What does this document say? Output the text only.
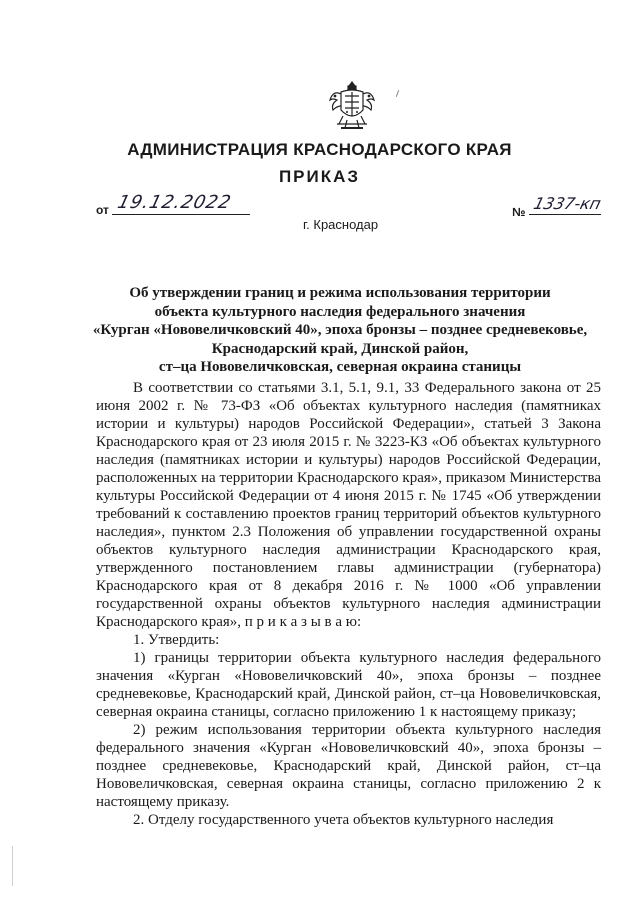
АДМИНИСТРАЦИЯ КРАСНОДАРСКОГО КРАЯ
ПРИКАЗ
от 19.12.2022
г. Краснодар
№ 1337-кп
Об утверждении границ и режима использования территории
объекта культурного наследия федерального значения
«Курган «Нововеличковский 40», эпоха бронзы – позднее средневековье,
Краснодарский край, Динской район,
ст–ца Нововеличковская, северная окраина станицы

В соответствии со статьями 3.1, 5.1, 9.1, 33 Федерального закона от 25 июня 2002 г. № 73-ФЗ «Об объектах культурного наследия (памятниках истории и культуры) народов Российской Федерации», статьей 3 Закона Краснодарского края от 23 июля 2015 г. № 3223-КЗ «Об объектах культурного наследия (памятниках истории и культуры) народов Российской Федерации, расположенных на территории Краснодарского края», приказом Министерства культуры Российской Федерации от 4 июня 2015 г. № 1745 «Об утверждении требований к составлению проектов границ территорий объектов культурного наследия», пунктом 2.3 Положения об управлении государственной охраны объектов культурного наследия администрации Краснодарского края, утвержденного постановлением главы администрации (губернатора) Краснодарского края от 8 декабря 2016 г. № 1000 «Об управлении государственной охраны объектов культурного наследия администрации Краснодарского края», п р и к а з ы в а ю:

1. Утвердить:

1) границы территории объекта культурного наследия федерального значения «Курган «Нововеличковский 40», эпоха бронзы – позднее средневековье, Краснодарский край, Динской район, ст–ца Нововеличковская, северная окраина станицы, согласно приложению 1 к настоящему приказу;

2) режим использования территории объекта культурного наследия федерального значения «Курган «Нововеличковский 40», эпоха бронзы – позднее средневековье, Краснодарский край, Динской район, ст–ца Нововеличковская, северная окраина станицы, согласно приложению 2 к настоящему приказу.

2. Отделу государственного учета объектов культурного наследия
